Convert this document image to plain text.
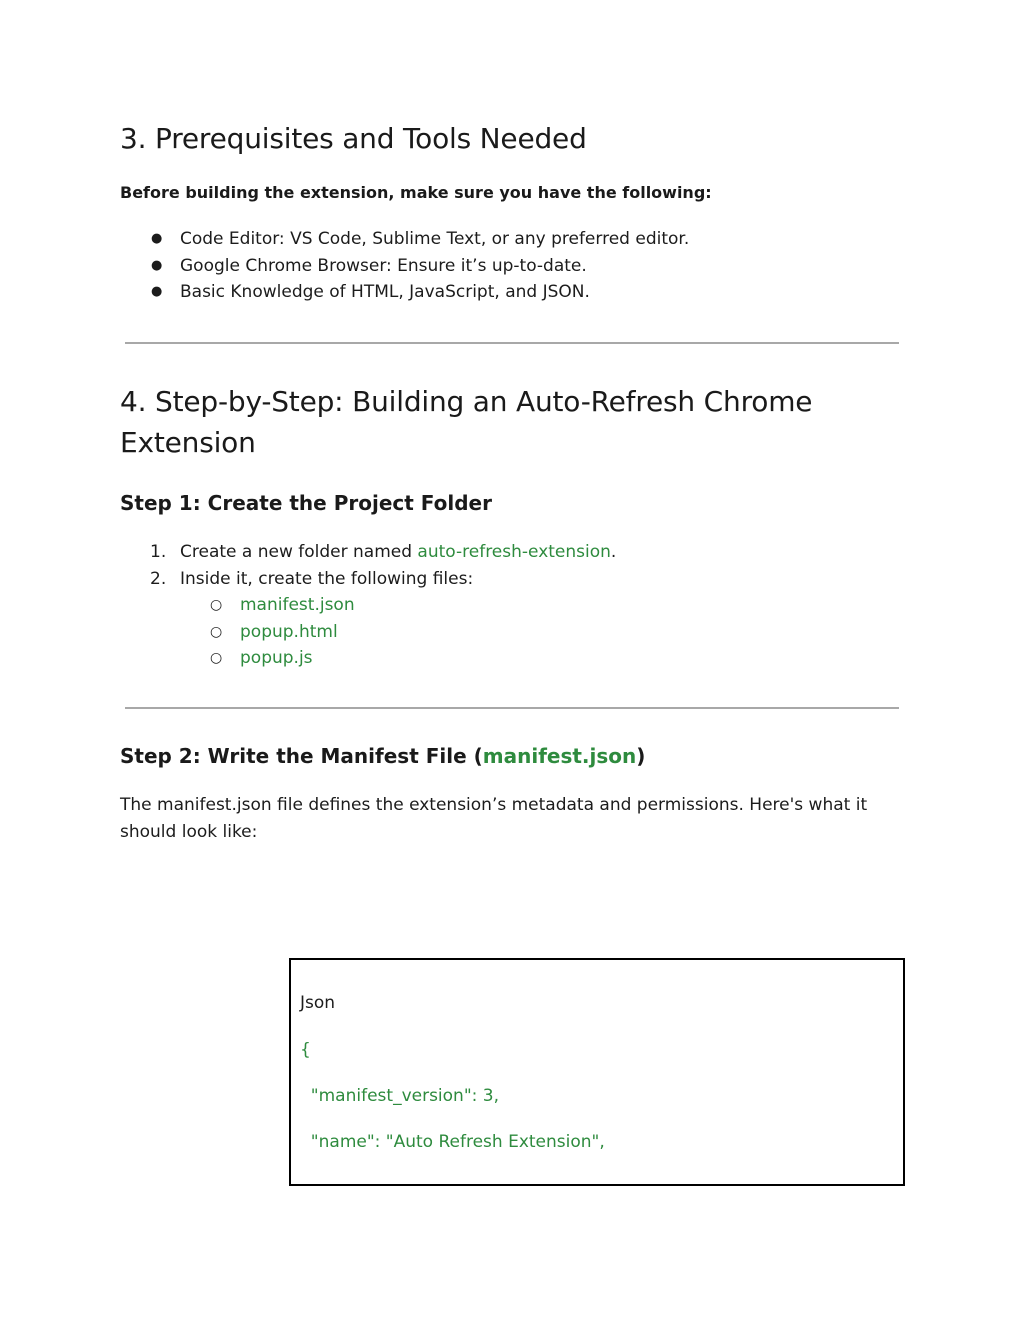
3. Prerequisites and Tools Needed

Before building the extension, make sure you have the following:

● Code Editor: VS Code, Sublime Text, or any preferred editor.
● Google Chrome Browser: Ensure it’s up-to-date.
● Basic Knowledge of HTML, JavaScript, and JSON.
4. Step-by-Step: Building an Auto-Refresh Chrome
Extension
Step 1: Create the Project Folder
1. Create a new folder named auto-refresh-extension.
2. Inside it, create the following files:
○ manifest.json
○ popup.html
○ popup.js
Step 2: Write the Manifest File (manifest.json)

The manifest.json file defines the extension’s metadata and permissions. Here's what it should look like:

Json
{
"manifest_version": 3,
"name": "Auto Refresh Extension",
